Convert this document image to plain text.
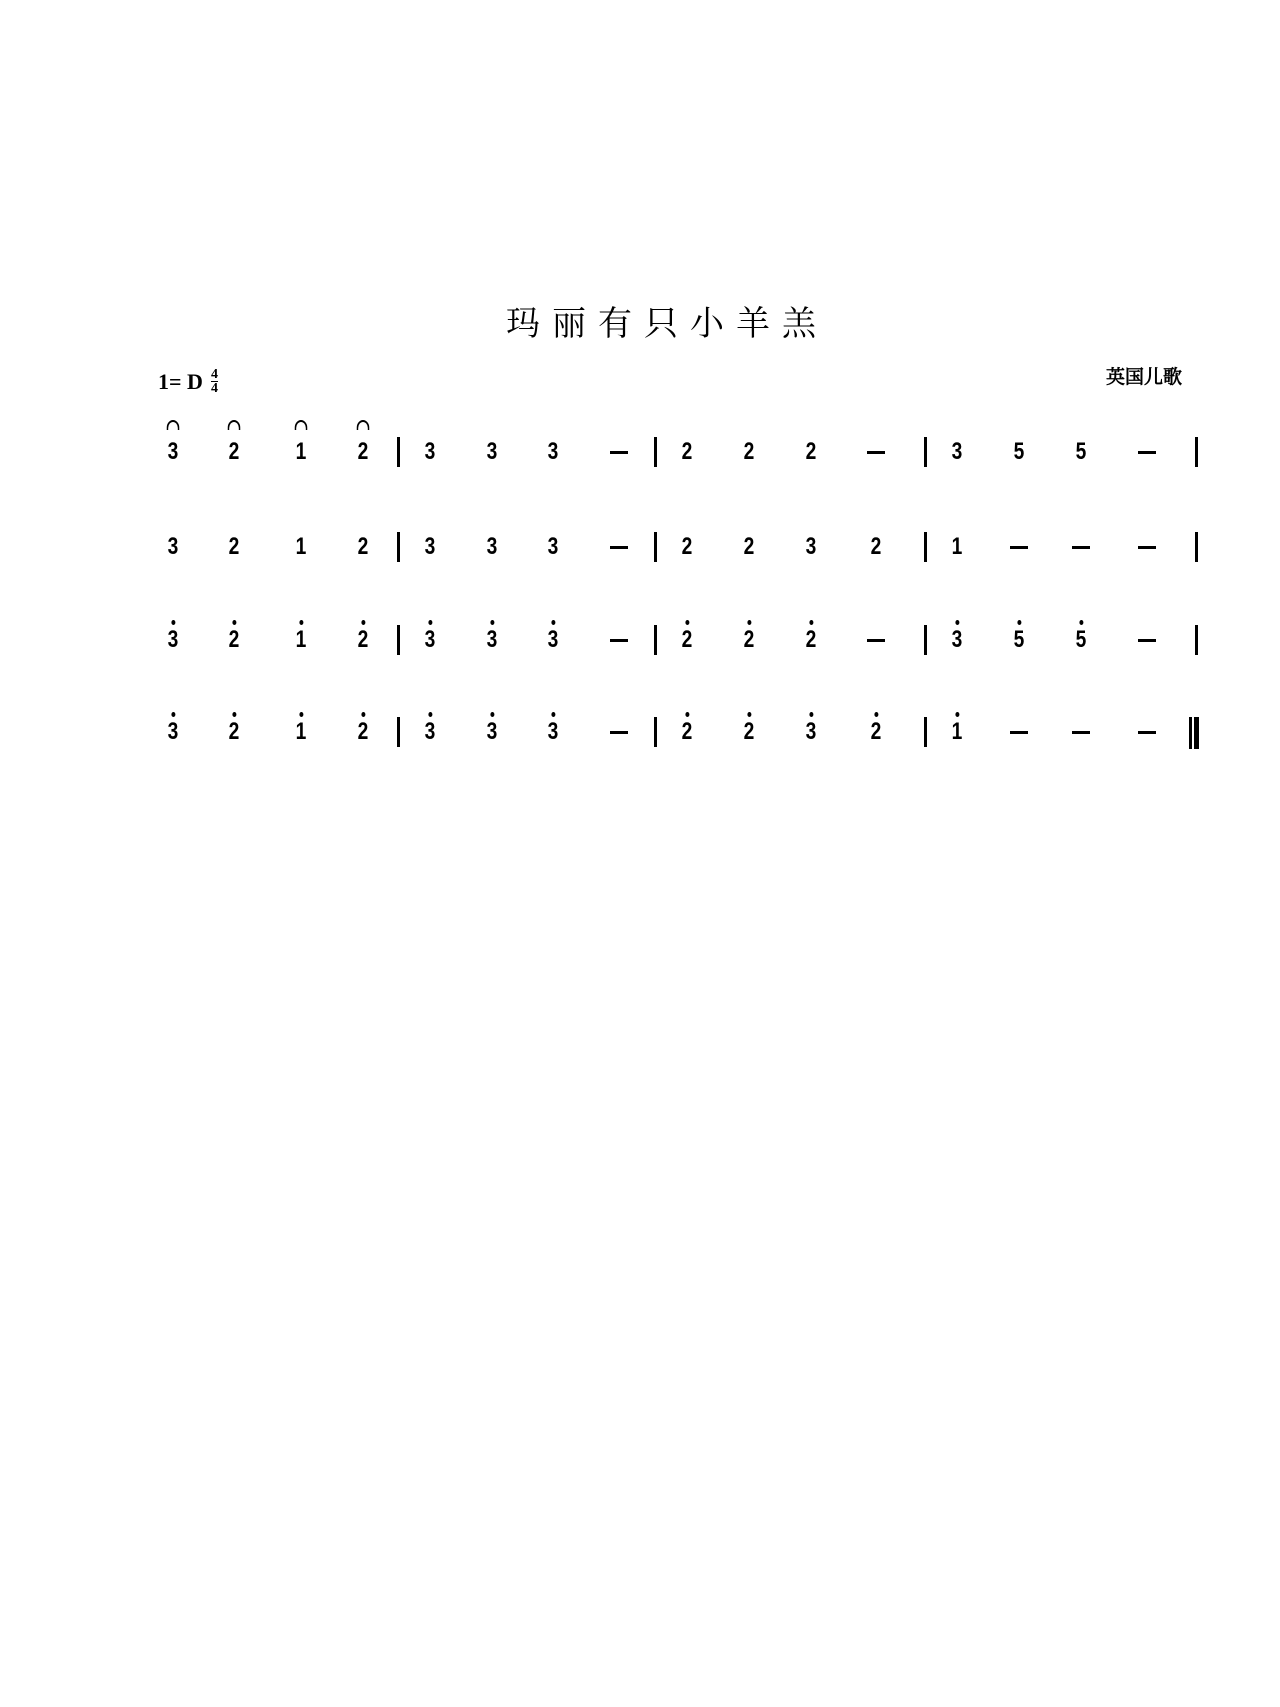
玛丽有只小羊羔
1= D $\frac{4}{4}$	英国儿歌
3 2 1 2 3 3 3	2 2 2	3 5 5
3 2 1 2 3 3 3	2 2 3 2	1
3 2 1 2 3 3 3	2 2 2	3 5 5
3 2 1 2 3 3 3	2 2 3 2	1
